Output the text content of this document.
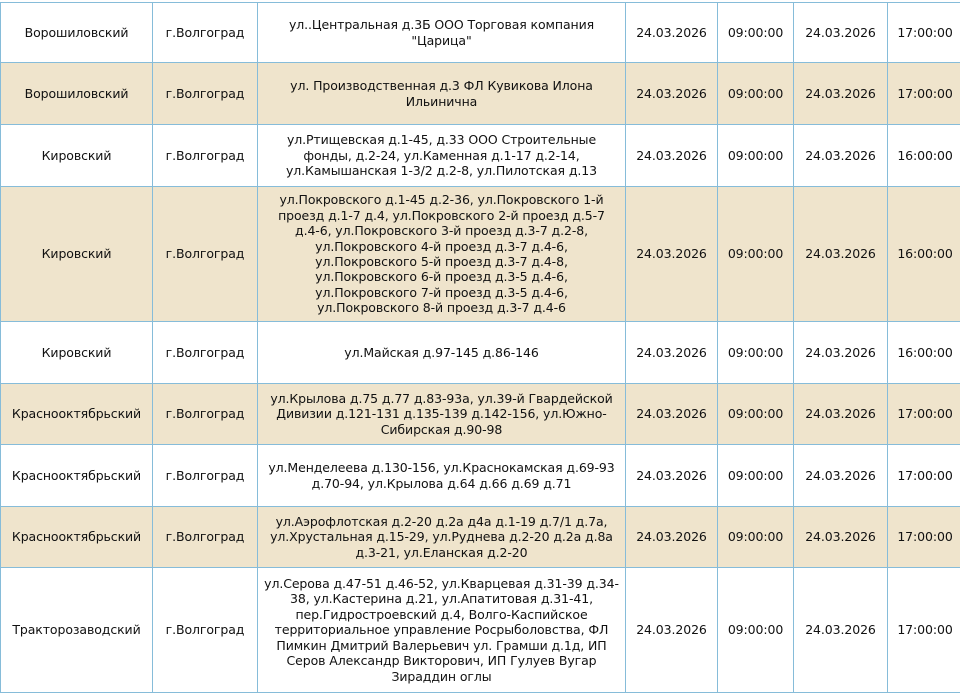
Ворошиловский	г.Волгоград	ул..Центральная д.3Б ООО Торговая компания "Царица"	24.03.2026	09:00:00	24.03.2026	17:00:00
Ворошиловский	г.Волгоград	ул. Производственная д.3 ФЛ Кувикова Илона Ильинична	24.03.2026	09:00:00	24.03.2026	17:00:00
Кировский	г.Волгоград	ул.Ртищевская д.1-45, д.33 ООО Строительные фонды, д.2-24, ул.Каменная д.1-17 д.2-14, ул.Камышанская 1-3/2 д.2-8, ул.Пилотская д.13	24.03.2026	09:00:00	24.03.2026	16:00:00
Кировский	г.Волгоград	ул.Покровского д.1-45 д.2-36, ул.Покровского 1-й проезд д.1-7 д.4, ул.Покровского 2-й проезд д.5-7 д.4-6, ул.Покровского 3-й проезд д.3-7 д.2-8, ул.Покровского 4-й проезд д.3-7 д.4-6, ул.Покровского 5-й проезд д.3-7 д.4-8, ул.Покровского 6-й проезд д.3-5 д.4-6, ул.Покровского 7-й проезд д.3-5 д.4-6, ул.Покровского 8-й проезд д.3-7 д.4-6	24.03.2026	09:00:00	24.03.2026	16:00:00
Кировский	г.Волгоград	ул.Майская д.97-145 д.86-146	24.03.2026	09:00:00	24.03.2026	16:00:00
Краснооктябрьский	г.Волгоград	ул.Крылова д.75 д.77 д.83-93а, ул.39-й Гвардейской Дивизии д.121-131 д.135-139 д.142-156, ул.Южно-Сибирская д.90-98	24.03.2026	09:00:00	24.03.2026	17:00:00
Краснооктябрьский	г.Волгоград	ул.Менделеева д.130-156, ул.Краснокамская д.69-93 д.70-94, ул.Крылова д.64 д.66 д.69 д.71	24.03.2026	09:00:00	24.03.2026	17:00:00
Краснооктябрьский	г.Волгоград	ул.Аэрофлотская д.2-20 д.2а д4а д.1-19 д.7/1 д.7а, ул.Хрустальная д.15-29, ул.Руднева д.2-20 д.2а д.8а д.3-21, ул.Еланская д.2-20	24.03.2026	09:00:00	24.03.2026	17:00:00
Тракторозаводский	г.Волгоград	ул.Серова д.47-51 д.46-52, ул.Кварцевая д.31-39 д.34-38, ул.Кастерина д.21, ул.Апатитовая д.31-41, пер.Гидростроевский д.4, Волго-Каспийское территориальное управление Росрыболовства, ФЛ Пимкин Дмитрий Валерьевич ул. Грамши д.1д, ИП Серов Александр Викторович, ИП Гулуев Вугар Зираддин оглы	24.03.2026	09:00:00	24.03.2026	17:00:00
